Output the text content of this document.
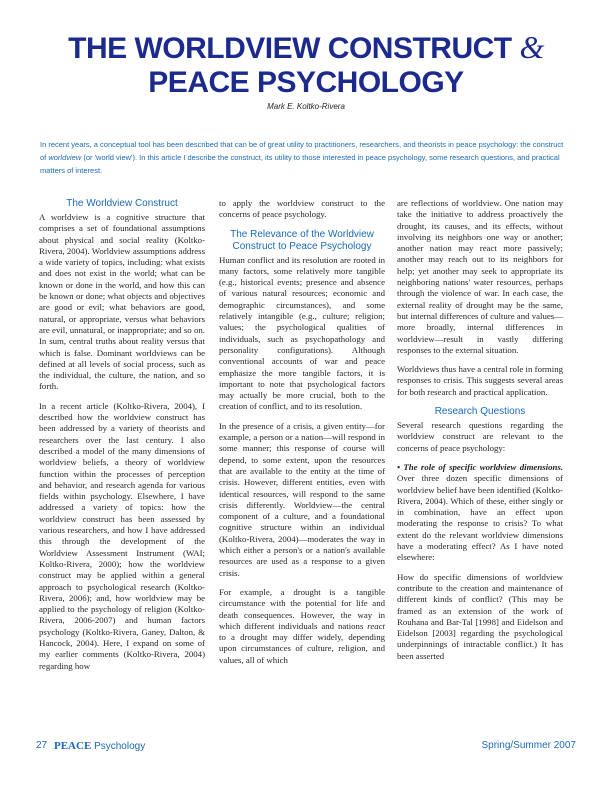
THE WORLDVIEW CONSTRUCT &
PEACE PSYCHOLOGY
Mark E. Koltko-Rivera

In recent years, a conceptual tool has been described that can be of great utility to practitioners, researchers, and theorists in peace psychology: the construct of worldview (or 'world view'). In this article I describe the construct, its utility to those interested in peace psychology, some research questions, and practical matters of interest.

The Worldview Construct

A worldview is a cognitive structure that comprises a set of foundational assumptions about physical and social reality (Koltko-Rivera, 2004). Worldview assumptions address a wide variety of topics, including: what exists and does not exist in the world; what can be known or done in the world, and how this can be known or done; what objects and objectives are good or evil; what behaviors are good, natural, or appropriate, versus what behaviors are evil, unnatural, or inappropriate; and so on. In sum, central truths about reality versus that which is false. Dominant worldviews can be defined at all levels of social process, such as the individual, the culture, the nation, and so forth.

In a recent article (Koltko-Rivera, 2004), I described how the worldview construct has been addressed by a variety of theorists and researchers over the last century. I also described a model of the many dimensions of worldview beliefs, a theory of worldview function within the processes of perception and behavior, and research agenda for various fields within psychology. Elsewhere, I have addressed a variety of topics: how the worldview construct has been assessed by various researchers, and how I have addressed this through the development of the Worldview Assessment Instrument (WAI; Koltko-Rivera, 2000); how the worldview construct may be applied within a general approach to psychological research (Koltko-Rivera, 2006); and, how worldview may be applied to the psychology of religion (Koltko-Rivera, 2006-2007) and human factors psychology (Koltko-Rivera, Ganey, Dalton, & Hancock, 2004). Here, I expand on some of my earlier comments (Koltko-Rivera, 2004) regarding how

to apply the worldview construct to the concerns of peace psychology.

The Relevance of the Worldview Construct to Peace Psychology

Human conflict and its resolution are rooted in many factors, some relatively more tangible (e.g., historical events; presence and absence of various natural resources; economic and demographic circumstances), and some relatively intangible (e.g., culture; religion; values; the psychological qualities of individuals, such as psychopathology and personality configurations). Although conventional accounts of war and peace emphasize the more tangible factors, it is important to note that psychological factors may actually be more crucial, both to the creation of conflict, and to its resolution.

In the presence of a crisis, a given entity—for example, a person or a nation—will respond in some manner; this response of course will depend, to some extent, upon the resources that are available to the entity at the time of crisis. However, different entities, even with identical resources, will respond to the same crisis differently. Worldview—the central component of a culture, and a foundational cognitive structure within an individual (Koltko-Rivera, 2004)—moderates the way in which either a person's or a nation's available resources are used as a response to a given crisis.

For example, a drought is a tangible circumstance with the potential for life and death consequences. However, the way in which different individuals and nations react to a drought may differ widely, depending upon circumstances of culture, religion, and values, all of which

are reflections of worldview. One nation may take the initiative to address proactively the drought, its causes, and its effects, without involving its neighbors one way or another; another nation may react more passively; another may reach out to its neighbors for help; yet another may seek to appropriate its neighboring nations' water resources, perhaps through the violence of war. In each case, the external reality of drought may be the same, but internal differences of culture and values—more broadly, internal differences in worldview—result in vastly differing responses to the external situation.

Worldviews thus have a central role in forming responses to crisis. This suggests several areas for both research and practical application.

Research Questions

Several research questions regarding the worldview construct are relevant to the concerns of peace psychology:

• The role of specific worldview dimensions. Over three dozen specific dimensions of worldview belief have been identified (Koltko-Rivera, 2004). Which of these, either singly or in combination, have an effect upon moderating the response to crisis? To what extent do the relevant worldview dimensions have a moderating effect? As I have noted elsewhere:

How do specific dimensions of worldview contribute to the creation and maintenance of different kinds of conflict? (This may be framed as an extension of the work of Rouhana and Bar-Tal [1998] and Eidelson and Eidelson [2003] regarding the psychological underpinnings of intractable conflict.) It has been asserted

27 PEACE Psychology	Spring/Summer 2007
